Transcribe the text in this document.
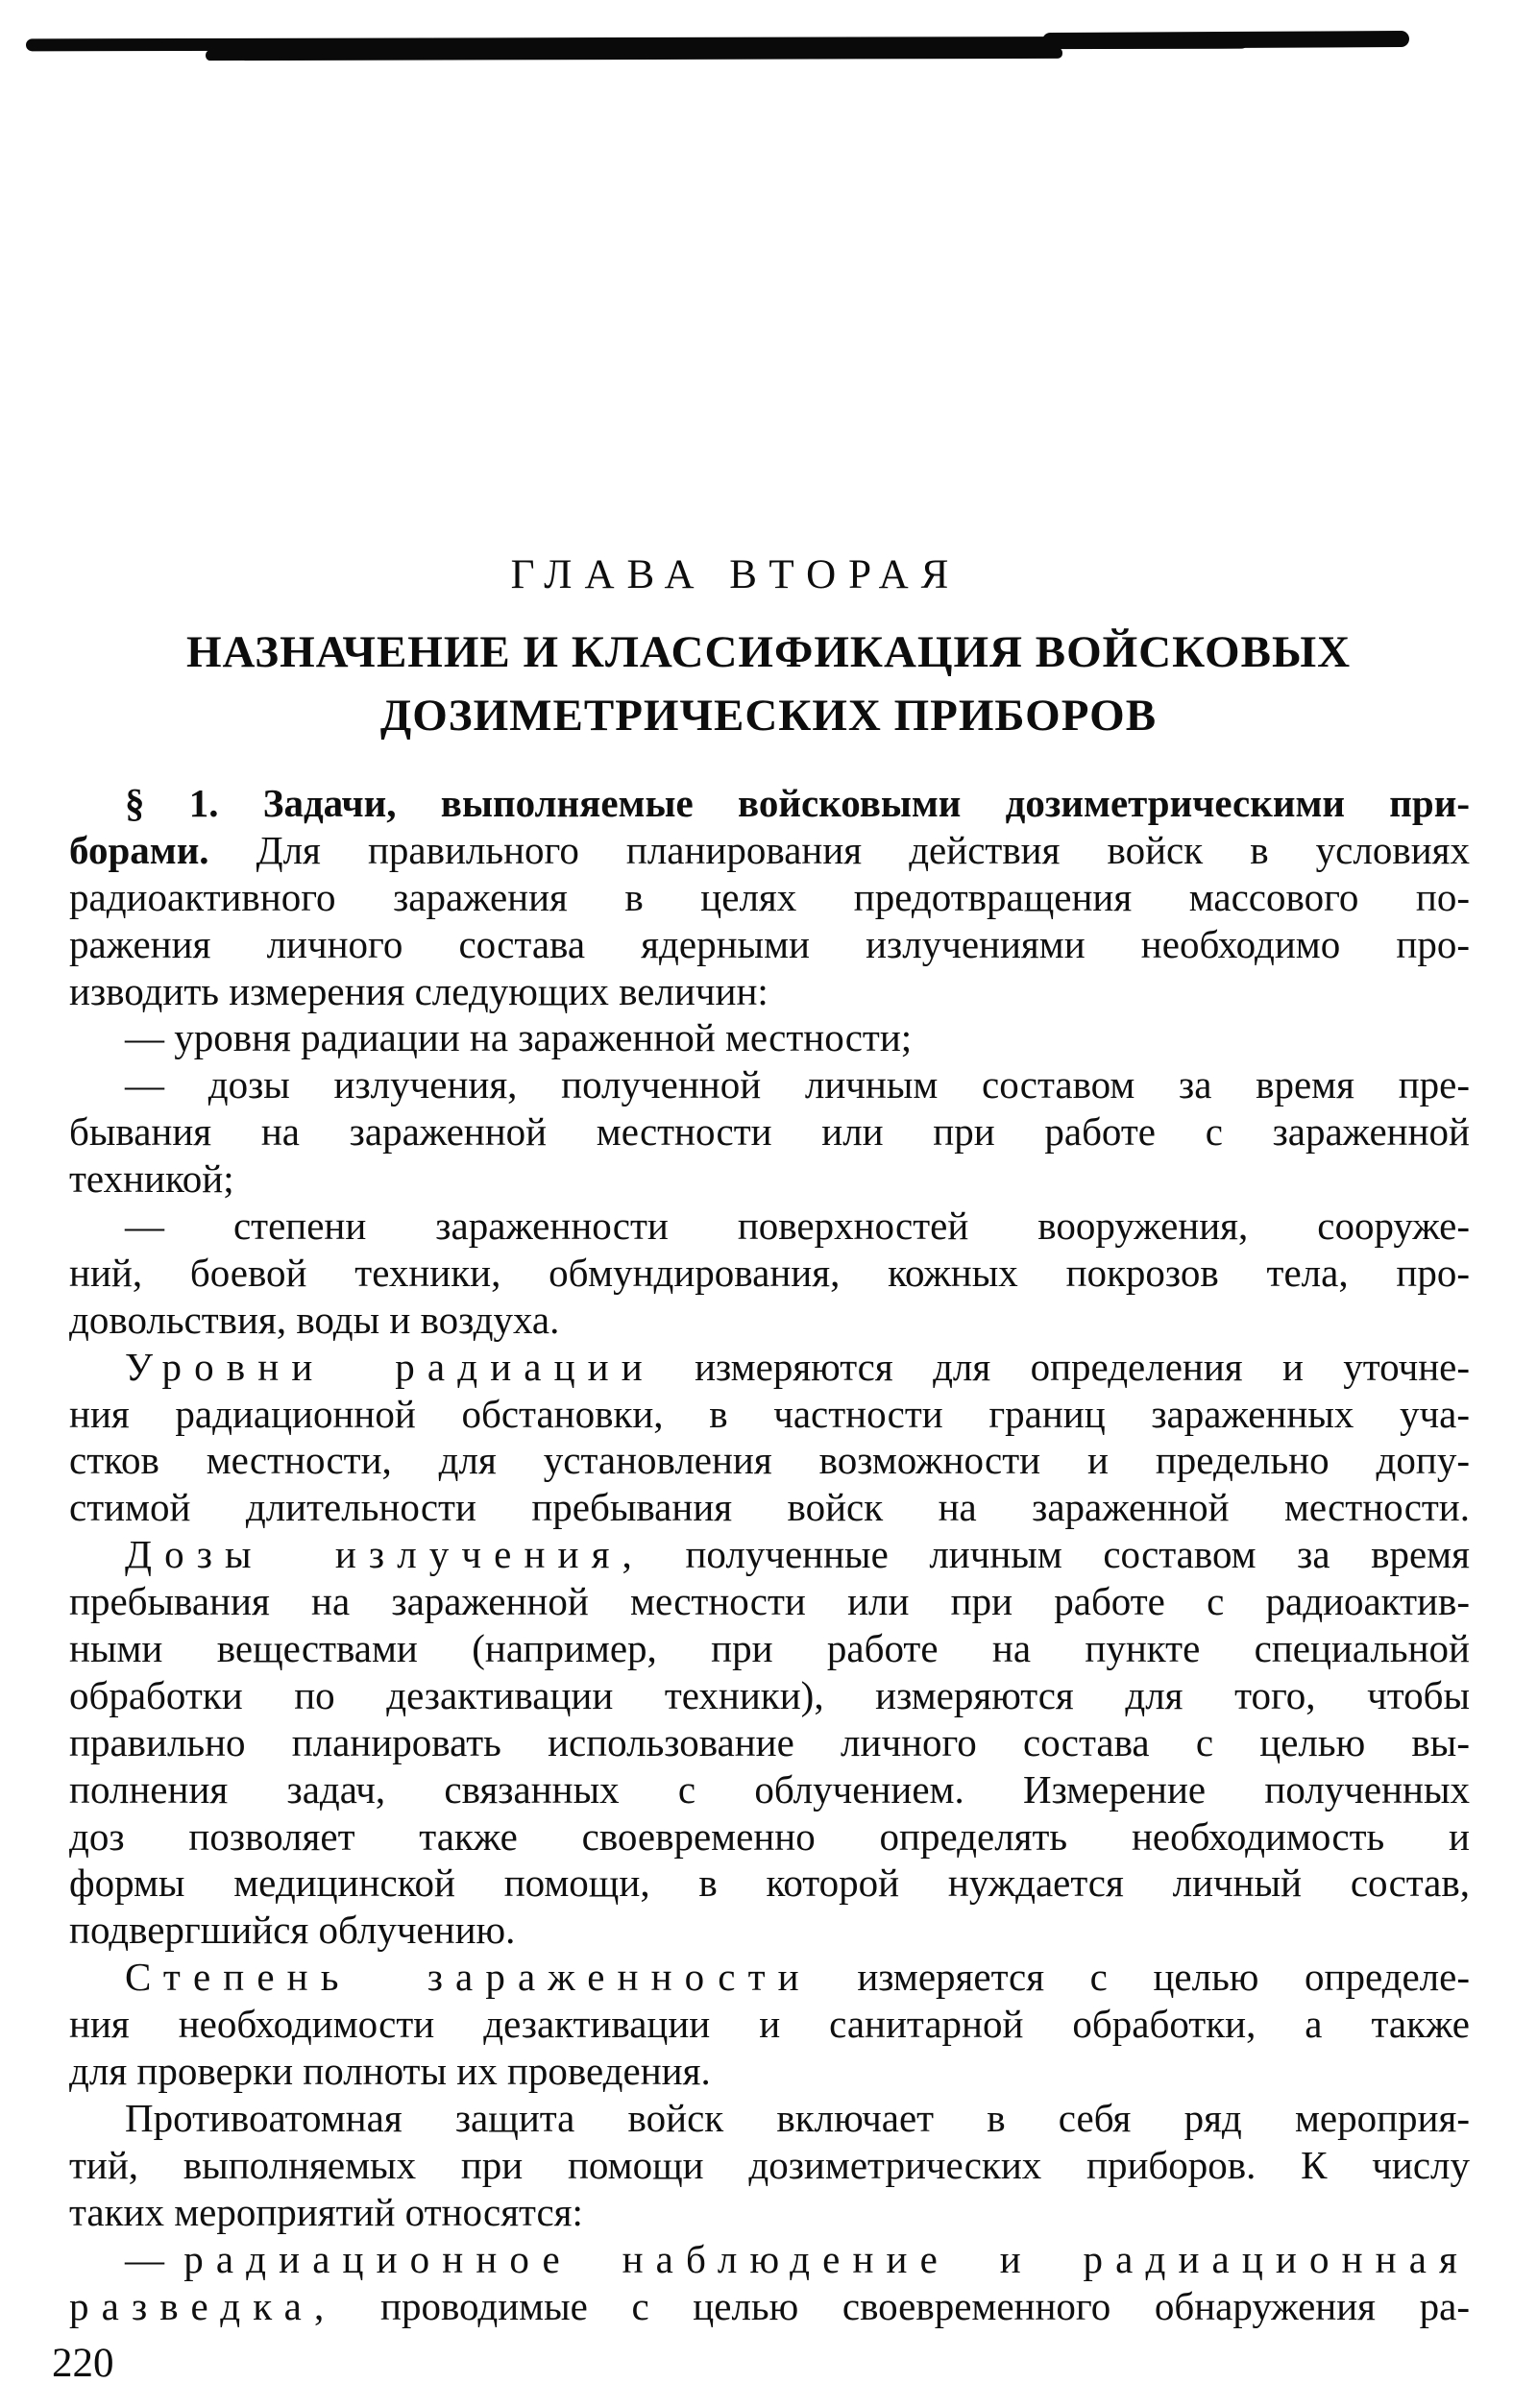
ГЛАВА ВТОРАЯ
НАЗНАЧЕНИЕ И КЛАССИФИКАЦИЯ ВОЙСКОВЫХ
ДОЗИМЕТРИЧЕСКИХ ПРИБОРОВ
§ 1. Задачи, выполняемые войсковыми дозиметрическими при-
борами. Для правильного планирования действия войск в условиях
радиоактивного заражения в целях предотвращения массового по-
ражения личного состава ядерными излучениями необходимо про-
изводить измерения следующих величин:
— уровня радиации на зараженной местности;
— дозы излучения, полученной личным составом за время пре-
бывания на зараженной местности или при работе с зараженной
техникой;
— степени зараженности поверхностей вооружения, сооруже-
ний, боевой техники, обмундирования, кожных покрозов тела, про-
довольствия, воды и воздуха.
Уровни радиации измеряются для определения и уточне-
ния радиационной обстановки, в частности границ зараженных уча-
стков местности, для установления возможности и предельно допу-
стимой длительности пребывания войск на зараженной местности.
Дозы излучения, полученные личным составом за время
пребывания на зараженной местности или при работе с радиоактив-
ными веществами (например, при работе на пункте специальной
обработки по дезактивации техники), измеряются для того, чтобы
правильно планировать использование личного состава с целью вы-
полнения задач, связанных с облучением. Измерение полученных
доз позволяет также своевременно определять необходимость и
формы медицинской помощи, в которой нуждается личный состав,
подвергшийся облучению.
Степень зараженности измеряется с целью определе-
ния необходимости дезактивации и санитарной обработки, а также
для проверки полноты их проведения.
Противоатомная защита войск включает в себя ряд мероприя-
тий, выполняемых при помощи дозиметрических приборов. К числу
таких мероприятий относятся:
— радиационное наблюдение и радиационная
разведка, проводимые с целью своевременного обнаружения ра-
220
